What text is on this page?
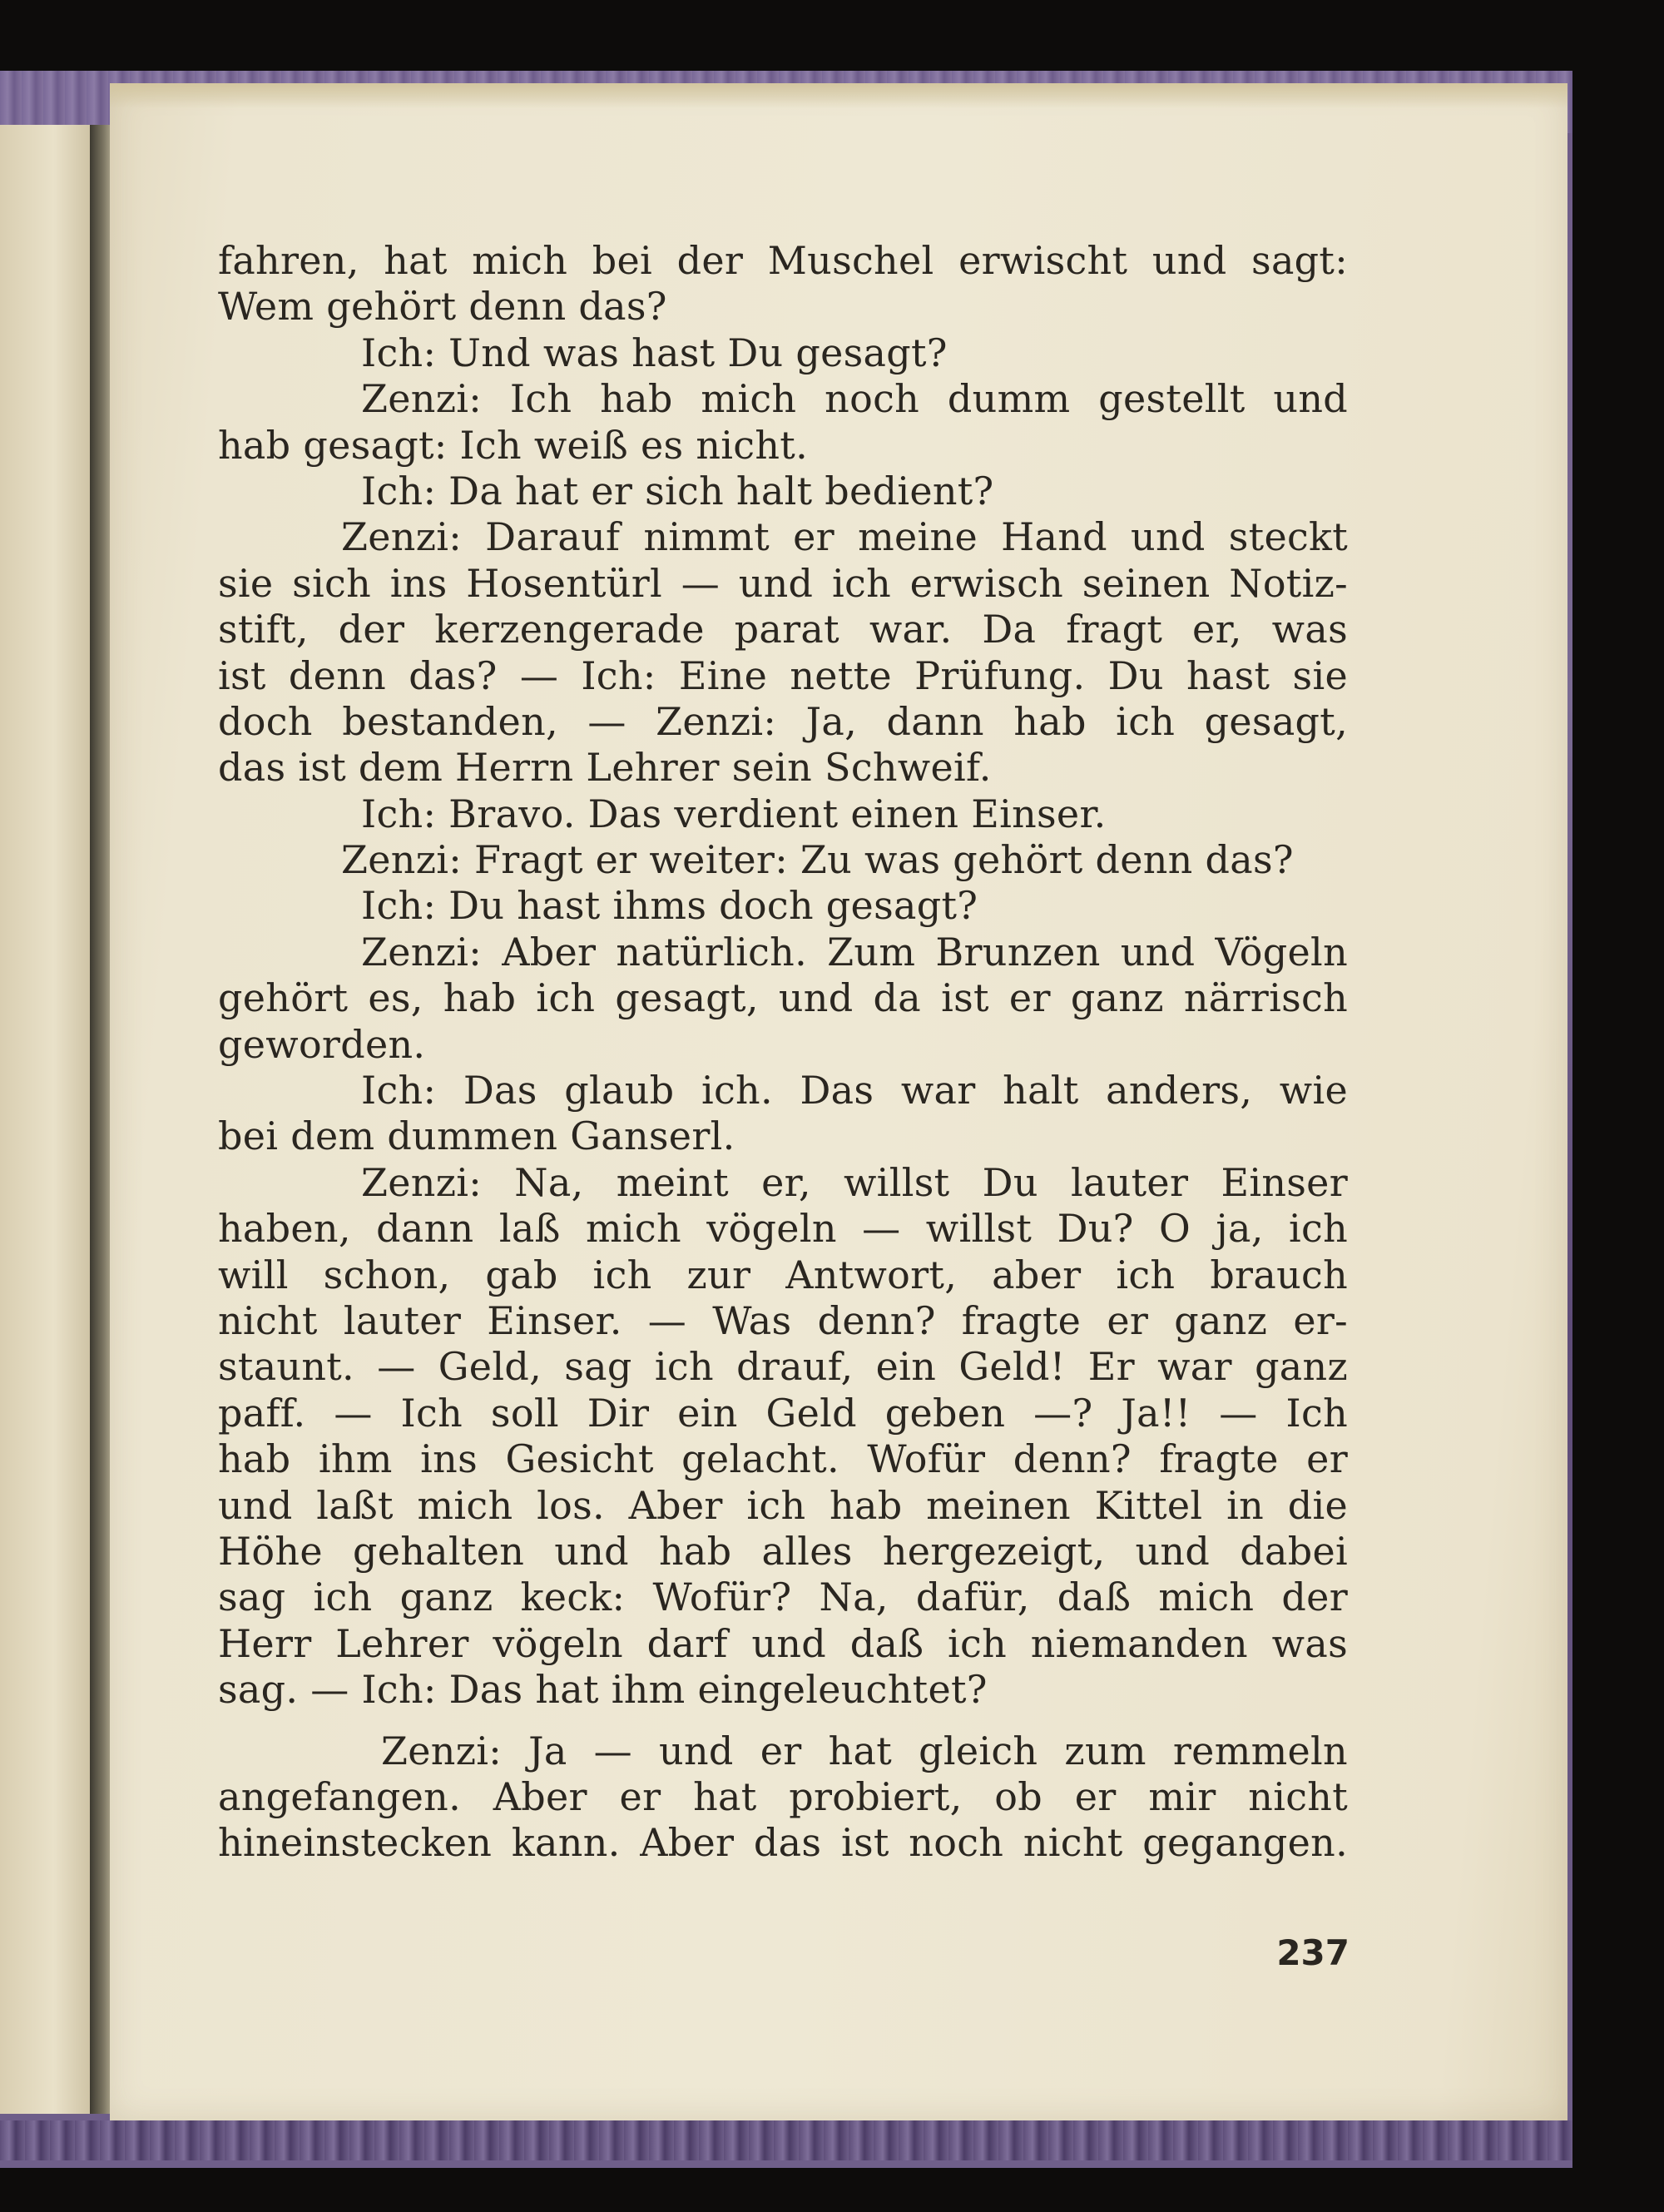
fahren, hat mich bei der Muschel erwischt und sagt:
Wem gehört denn das?
Ich: Und was hast Du gesagt?
Zenzi: Ich hab mich noch dumm gestellt und
hab gesagt: Ich weiß es nicht.
Ich: Da hat er sich halt bedient?
Zenzi: Darauf nimmt er meine Hand und steckt
sie sich ins Hosentürl — und ich erwisch seinen Notiz-
stift, der kerzengerade parat war. Da fragt er, was
ist denn das? — Ich: Eine nette Prüfung. Du hast sie
doch bestanden, — Zenzi: Ja, dann hab ich gesagt,
das ist dem Herrn Lehrer sein Schweif.
Ich: Bravo. Das verdient einen Einser.
Zenzi: Fragt er weiter: Zu was gehört denn das?
Ich: Du hast ihms doch gesagt?
Zenzi: Aber natürlich. Zum Brunzen und Vögeln
gehört es, hab ich gesagt, und da ist er ganz närrisch
geworden.
Ich: Das glaub ich. Das war halt anders, wie
bei dem dummen Ganserl.
Zenzi: Na, meint er, willst Du lauter Einser
haben, dann laß mich vögeln — willst Du? O ja, ich
will schon, gab ich zur Antwort, aber ich brauch
nicht lauter Einser. — Was denn? fragte er ganz er-
staunt. — Geld, sag ich drauf, ein Geld! Er war ganz
paff. — Ich soll Dir ein Geld geben —? Ja!! — Ich
hab ihm ins Gesicht gelacht. Wofür denn? fragte er
und laßt mich los. Aber ich hab meinen Kittel in die
Höhe gehalten und hab alles hergezeigt, und dabei
sag ich ganz keck: Wofür? Na, dafür, daß mich der
Herr Lehrer vögeln darf und daß ich niemanden was
sag. — Ich: Das hat ihm eingeleuchtet?
Zenzi: Ja — und er hat gleich zum remmeln
angefangen. Aber er hat probiert, ob er mir nicht
hineinstecken kann. Aber das ist noch nicht gegangen.
237
